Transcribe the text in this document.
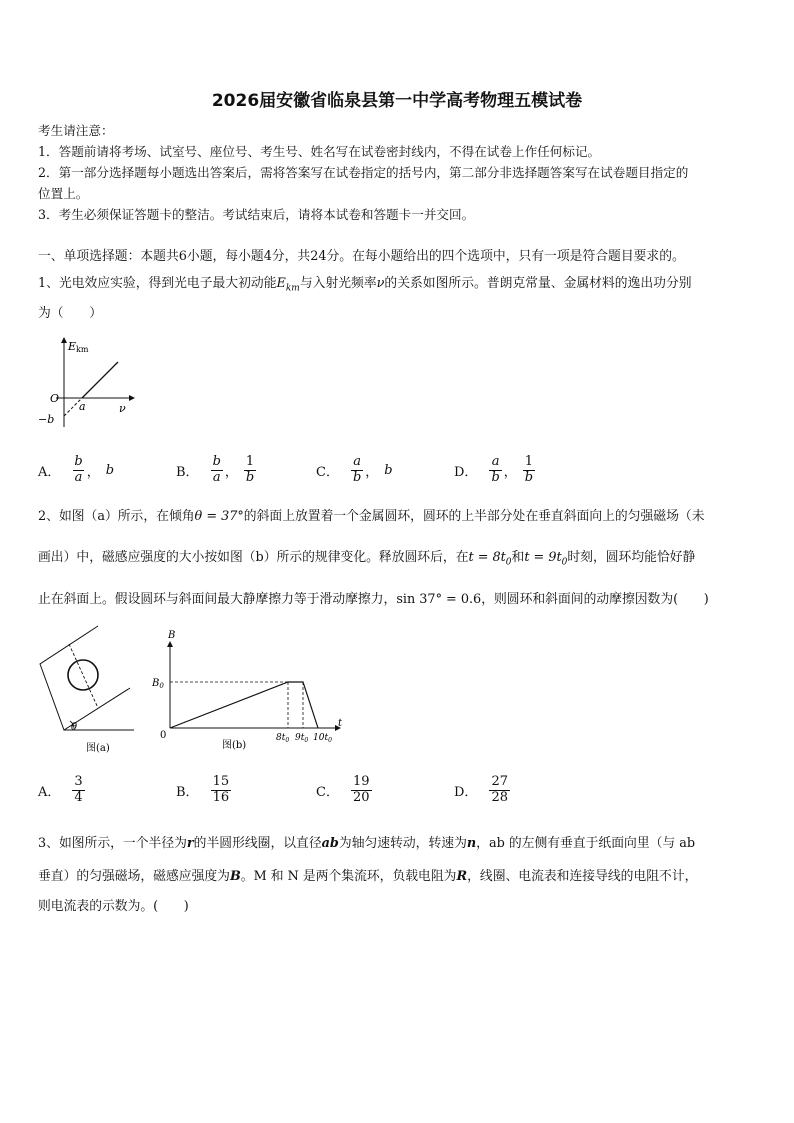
2026届安徽省临泉县第一中学高考物理五模试卷
考生请注意：
1．答题前请将考场、试室号、座位号、考生号、姓名写在试卷密封线内，不得在试卷上作任何标记。
2．第一部分选择题每小题选出答案后，需将答案写在试卷指定的括号内，第二部分非选择题答案写在试卷题目指定的
位置上。
3．考生必须保证答题卡的整洁。考试结束后，请将本试卷和答题卡一并交回。
一、单项选择题：本题共6小题，每小题4分，共24分。在每小题给出的四个选项中，只有一项是符合题目要求的。
1、光电效应实验，得到光电子最大初动能$E_{km}$与入射光频率ν的关系如图所示。普朗克常量、金属材料的逸出功分别
为（　　）
Ekm
O
−b
a	ν
A． $\frac{b}{a}$ ， b	B． $\frac{b}{a}$ ， $\frac{1}{b}$	C． $\frac{a}{b}$ ， b	D． $\frac{a}{b}$ ， $\frac{1}{b}$
2、如图（a）所示，在倾角θ = 37°的斜面上放置着一个金属圆环，圆环的上半部分处在垂直斜面向上的匀强磁场（未
画出）中，磁感应强度的大小按如图（b）所示的规律变化。释放圆环后，在$t = 8t_0$和$t = 9t_0$时刻，圆环均能恰好静
止在斜面上。假设圆环与斜面间最大静摩擦力等于滑动摩擦力，sin 37° = 0.6，则圆环和斜面间的动摩擦因数为(　　)
θ
图(a)
B
$B_0$
0	$8t_0$ $9t_0$ $10t_0$
t
图(b)
A． $\frac{3}{4}$	B． $\frac{15}{16}$	C． $\frac{19}{20}$	D． $\frac{27}{28}$
3、如图所示，一个半径为r的半圆形线圈，以直径ab为轴匀速转动，转速为n，ab 的左侧有垂直于纸面向里（与 ab
垂直）的匀强磁场，磁感应强度为B。M 和 N 是两个集流环，负载电阻为R，线圈、电流表和连接导线的电阻不计，
则电流表的示数为。(　　)
